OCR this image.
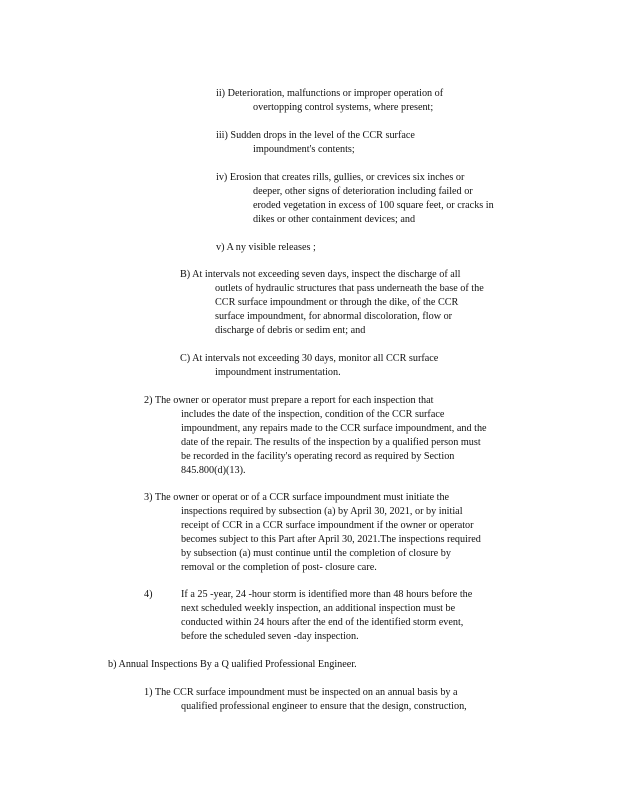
ii) Deterioration, malfunctions or improper operation of
overtopping control systems, where present;
iii) Sudden drops in the level of the CCR surface
impoundment's contents;
iv) Erosion that creates rills, gullies, or crevices six inches or
deeper, other signs of deterioration including failed or
eroded vegetation in excess of 100 square feet, or cracks in
dikes or other containment devices; and
v) A ny visible releases ;
B) At intervals not exceeding seven days, inspect the discharge of all
outlets of hydraulic structures that pass underneath the base of the
CCR surface impoundment or through the dike, of the CCR
surface impoundment, for abnormal discoloration, flow or
discharge of debris or sedim ent; and
C) At intervals not exceeding 30 days, monitor all CCR surface
impoundment instrumentation.
2) The owner or operator must prepare a report for each inspection that
includes the date of the inspection, condition of the CCR surface
impoundment, any repairs made to the CCR surface impoundment, and the
date of the repair. The results of the inspection by a qualified person must
be recorded in the facility's operating record as required by Section
845.800(d)(13).
3) The owner or operat or of a CCR surface impoundment must initiate the
inspections required by subsection (a) by April 30, 2021, or by initial
receipt of CCR in a CCR surface impoundment if the owner or operator
becomes subject to this Part after April 30, 2021.The inspections required
by subsection (a) must continue until the completion of closure by
removal or the completion of post- closure care.
4)	If a 25 -year, 24 -hour storm is identified more than 48 hours before the
next scheduled weekly inspection, an additional inspection must be
conducted within 24 hours after the end of the identified storm event,
before the scheduled seven -day inspection.
b) Annual Inspections By a Q ualified Professional Engineer.
1) The CCR surface impoundment must be inspected on an annual basis by a
qualified professional engineer to ensure that the design, construction,
